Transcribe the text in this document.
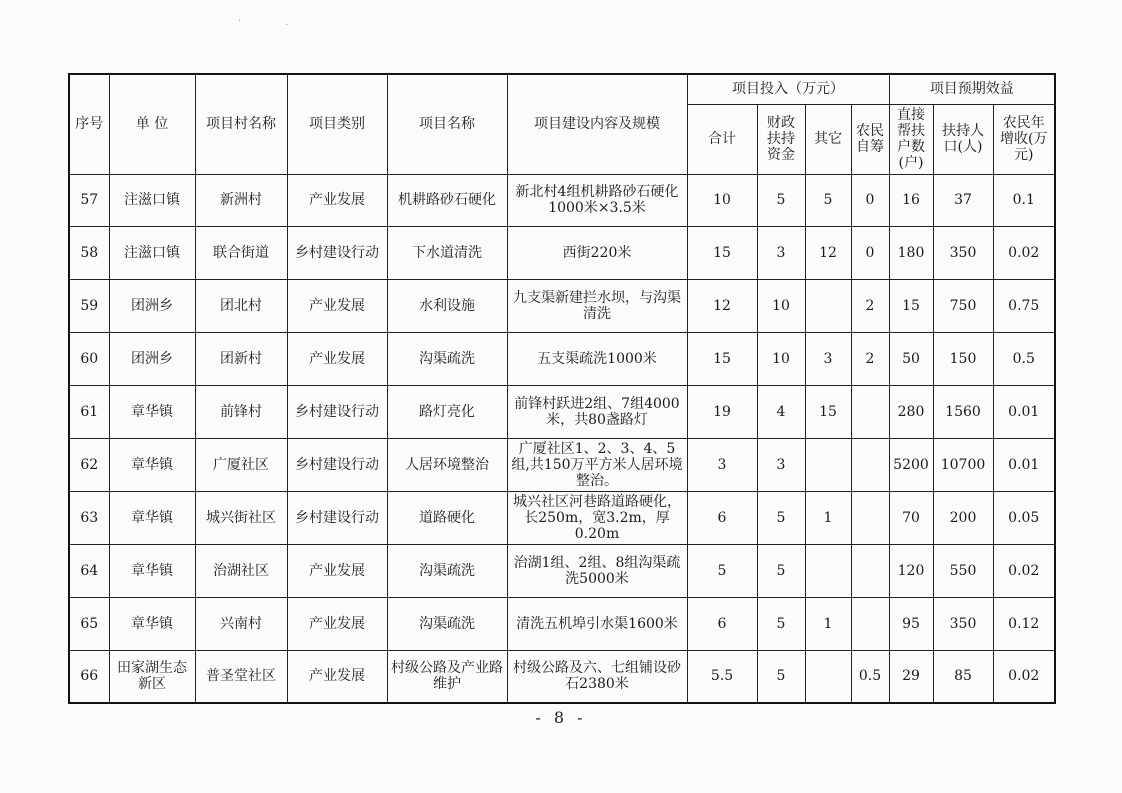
·	·
序号	单 位	项目村名称	项目类别	项目名称	项目建设内容及规模	项目投入（万元）				项目预期效益		
						合计	财政扶持资金	其它	农民自筹	直接帮扶户数(户)	扶持人口(人)	农民年增收(万元)
57	注滋口镇	新洲村	产业发展	机耕路砂石硬化	新北村4组机耕路砂石硬化1000米×3.5米	10	5	5	0	16	37	0.1
58	注滋口镇	联合街道	乡村建设行动	下水道清洗	西街220米	15	3	12	0	180	350	0.02
59	团洲乡	团北村	产业发展	水利设施	九支渠新建拦水坝，与沟渠清洗	12	10		2	15	750	0.75
60	团洲乡	团新村	产业发展	沟渠疏洗	五支渠疏洗1000米	15	10	3	2	50	150	0.5
61	章华镇	前锋村	乡村建设行动	路灯亮化	前锋村跃进2组、7组4000米，共80盏路灯	19	4	15		280	1560	0.01
62	章华镇	广厦社区	乡村建设行动	人居环境整治	广厦社区1、2、3、4、5组,共150万平方米人居环境整治。	3	3			5200	10700	0.01
63	章华镇	城兴街社区	乡村建设行动	道路硬化	城兴社区河巷路道路硬化，长250m，宽3.2m，厚0.20m	6	5	1		70	200	0.05
64	章华镇	治湖社区	产业发展	沟渠疏洗	治湖1组、2组、8组沟渠疏洗5000米	5	5			120	550	0.02
65	章华镇	兴南村	产业发展	沟渠疏洗	清洗五机埠引水渠1600米	6	5	1		95	350	0.12
66	田家湖生态新区	普圣堂社区	产业发展	村级公路及产业路维护	村级公路及六、七组铺设砂石2380米	5.5	5		0.5	29	85	0.02
- 8 -
